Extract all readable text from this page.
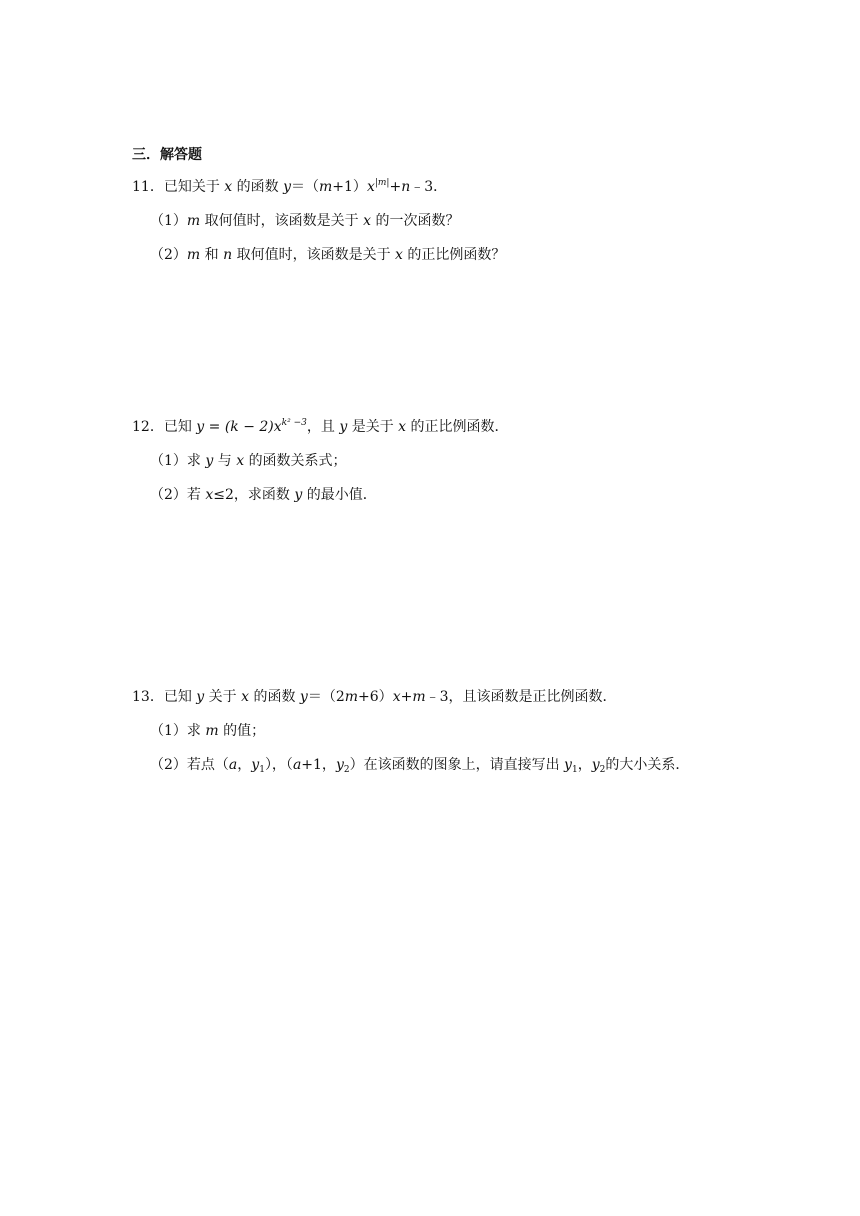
三．解答题
11．已知关于 x 的函数 $y=(m+1)x^{|m|}+n﹣3$．
（1）m 取何值时，该函数是关于 x 的一次函数？
（2）m 和 n 取何值时，该函数是关于 x 的正比例函数？
12．已知 $y = (k - 2)x^{k^2 -3}$，且 y 是关于 x 的正比例函数．
（1）求 y 与 x 的函数关系式；
（2）若 x≤2，求函数 y 的最小值．
13．已知 y 关于 x 的函数 y＝（2m+6）x+m﹣3，且该函数是正比例函数．
（1）求 m 的值；
（2）若点（a，$y_1$），（a+1，$y_2$）在该函数的图象上，请直接写出 $y_1$，$y_2$的大小关系．
